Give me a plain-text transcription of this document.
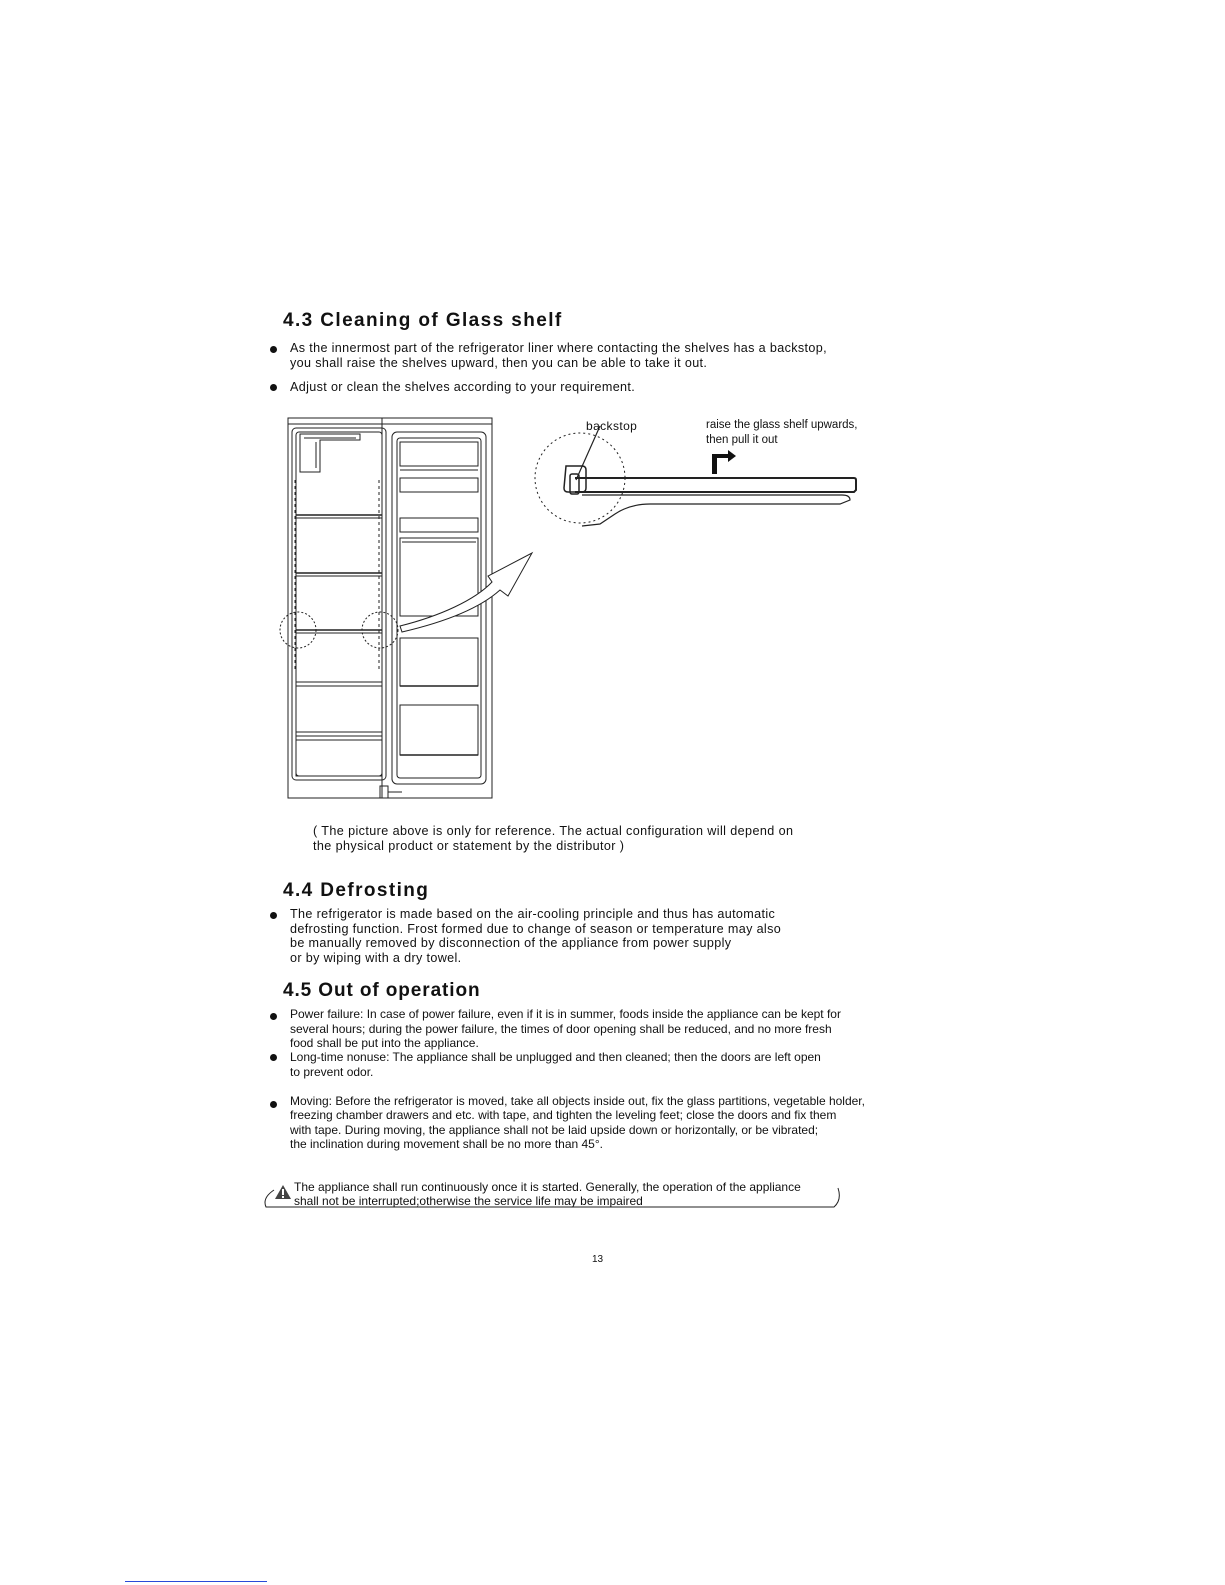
4.3 Cleaning of Glass shelf
As the innermost part of the refrigerator liner where contacting the shelves has a backstop,
you shall raise the shelves upward, then you can be able to take it out.
Adjust or clean the shelves according to your requirement.
backstop	raise the glass shelf upwards,
then pull it out
( The picture above is only for reference. The actual configuration will depend on
the physical product or statement by the distributor )
4.4 Defrosting
The refrigerator is made based on the air-cooling principle and thus has automatic
defrosting function. Frost formed due to change of season or temperature may also
be manually removed by disconnection of the appliance from power supply
or by wiping with a dry towel.
4.5 Out of operation
Power failure: In case of power failure, even if it is in summer, foods inside the appliance can be kept for
several hours; during the power failure, the times of door opening shall be reduced, and no more fresh
food shall be put into the appliance.
Long-time nonuse: The appliance shall be unplugged and then cleaned; then the doors are left open
to prevent odor.
Moving: Before the refrigerator is moved, take all objects inside out, fix the glass partitions, vegetable holder,
freezing chamber drawers and etc. with tape, and tighten the leveling feet; close the doors and fix them
with tape. During moving, the appliance shall not be laid upside down or horizontally, or be vibrated;
the inclination during movement shall be no more than 45°.
The appliance shall run continuously once it is started. Generally, the operation of the appliance
shall not be interrupted;otherwise the service life may be impaired
13
